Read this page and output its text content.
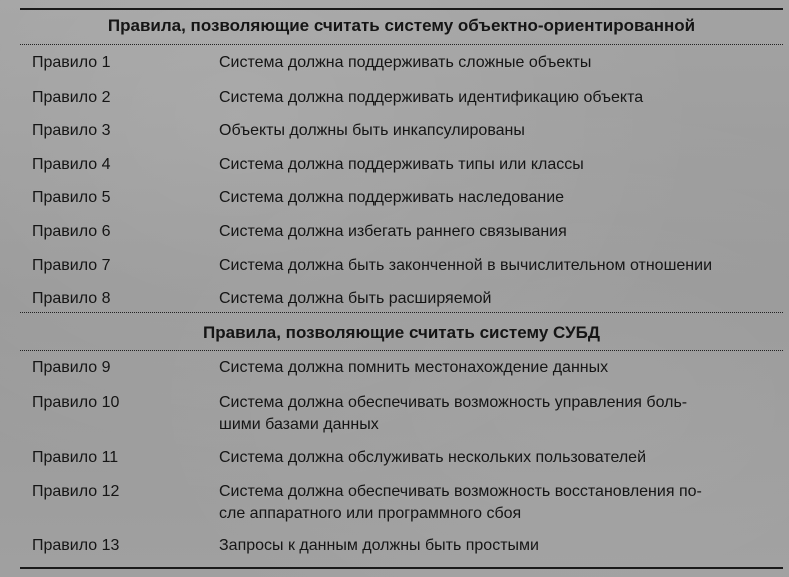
Правила, позволяющие считать систему объектно-ориентированной
Правило 1	Система должна поддерживать сложные объекты
Правило 2	Система должна поддерживать идентификацию объекта
Правило 3	Объекты должны быть инкапсулированы
Правило 4	Система должна поддерживать типы или классы
Правило 5	Система должна поддерживать наследование
Правило 6	Система должна избегать раннего связывания
Правило 7	Система должна быть законченной в вычислительном отношении
Правило 8	Система должна быть расширяемой
Правила, позволяющие считать систему СУБД
Правило 9	Система должна помнить местонахождение данных
Правило 10	Система должна обеспечивать возможность управления боль-
шими базами данных
Правило 11	Система должна обслуживать нескольких пользователей
Правило 12	Система должна обеспечивать возможность восстановления по-
сле аппаратного или программного сбоя
Правило 13	Запросы к данным должны быть простыми
